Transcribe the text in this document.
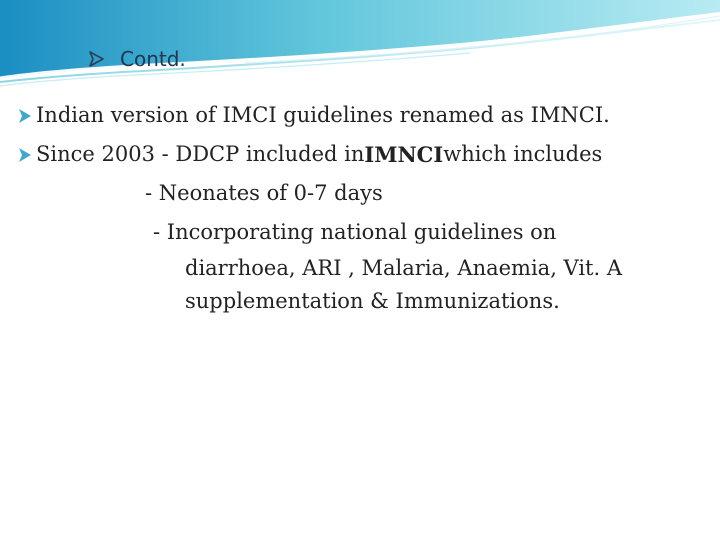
Contd.
Indian version of IMCI guidelines renamed as IMNCI.
Since 2003 - DDCP included in IMNCI which includes
- Neonates of 0-7 days
- Incorporating national guidelines on
diarrhoea, ARI , Malaria, Anaemia, Vit. A
supplementation & Immunizations.
